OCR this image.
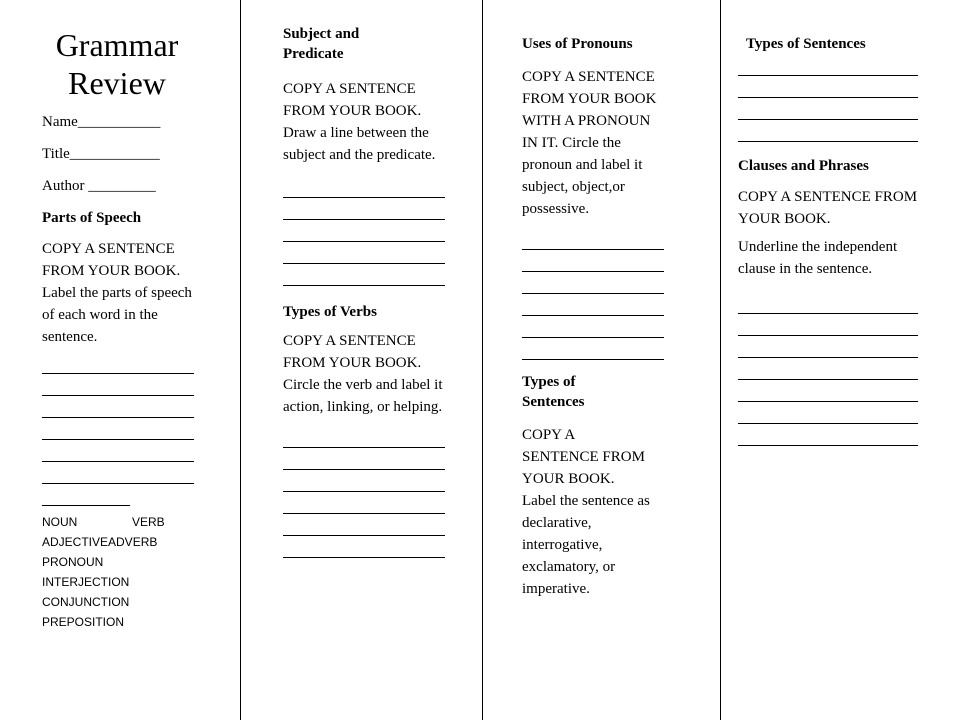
Grammar
Review

Name___________

Title____________

Author _________

Parts of Speech

COPY A SENTENCE FROM YOUR BOOK.

Label the parts of speech of each word in the sentence.

NOUN	VERB
ADJECTIVEADVERB
PRONOUN
INTERJECTION
CONJUNCTION
PREPOSITION

Subject and Predicate

COPY A SENTENCE FROM YOUR BOOK. Draw a line between the subject and the predicate.

Types of Verbs

COPY A SENTENCE FROM YOUR BOOK.

Circle the verb and label it action, linking, or helping.

Uses of Pronouns

COPY A SENTENCE FROM YOUR BOOK WITH A PRONOUN IN IT. Circle the pronoun and label it subject, object,or possessive.

Types of Sentences

COPY A SENTENCE FROM YOUR BOOK. Label the sentence as declarative, interrogative, exclamatory, or imperative.

Types of Sentences

Clauses and Phrases

COPY A SENTENCE FROM YOUR BOOK.

Underline the independent clause in the sentence.
